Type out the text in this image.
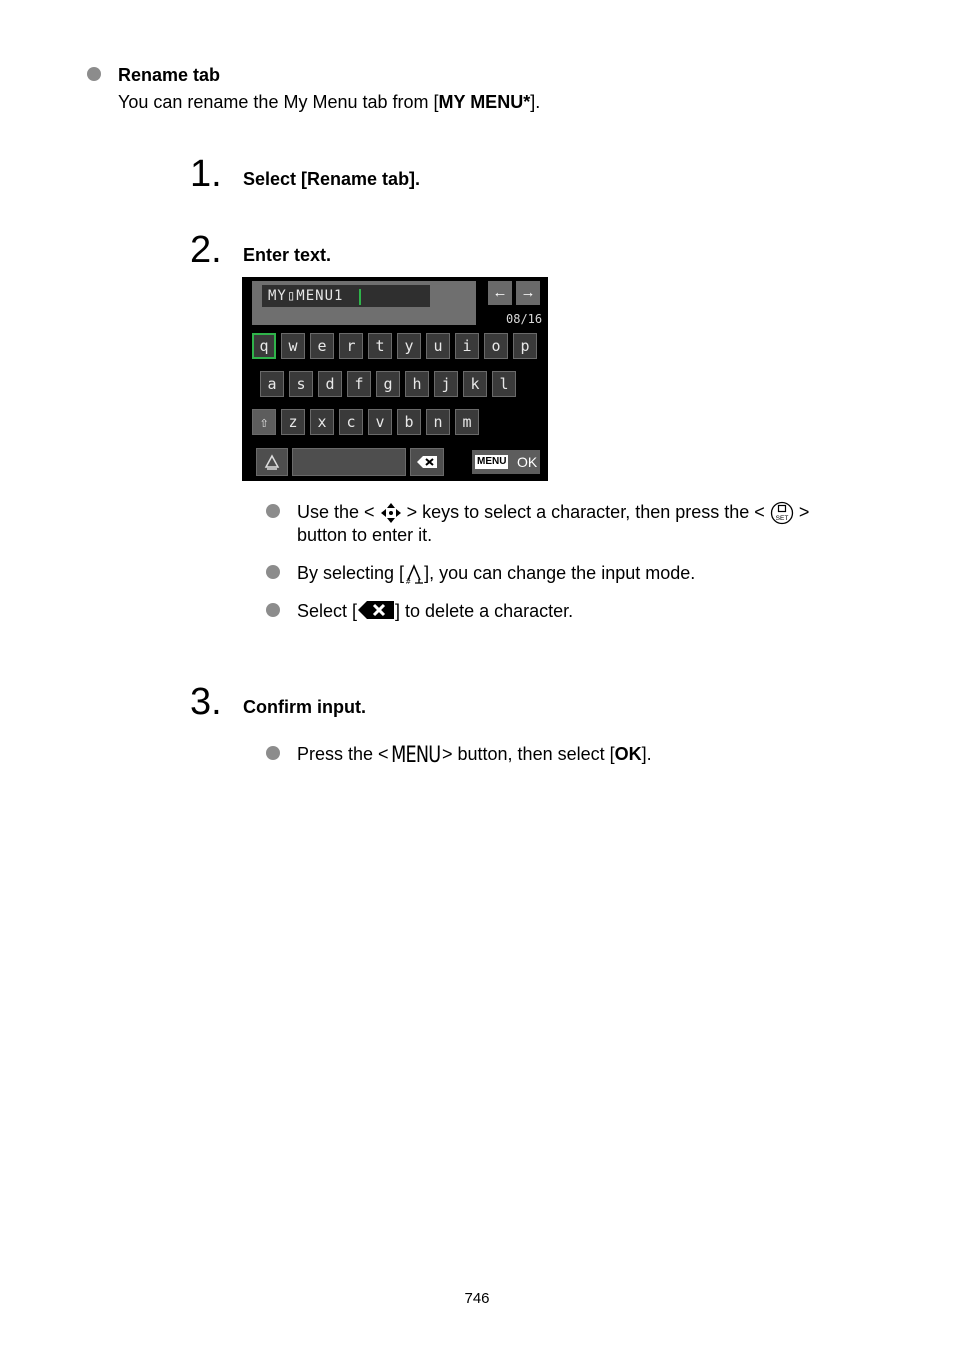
Rename tab
You can rename the My Menu tab from [MY MENU*].
1. Select [Rename tab].
2. Enter text.
MY▯MENU1	← →
08/16
q	w	e	r	t	y	u	i	o	p
a	s	d	f	g	h	j	k	l
z	x	c	v	b	n	m
⇧
MENU OK
Use the < > keys to select a character, then press the < SET >
button to enter it.
By selecting [ # ], you can change the input mode.
Select [ ] to delete a character.
3. Confirm input.
Press the <MENU > button, then select [OK].
746
